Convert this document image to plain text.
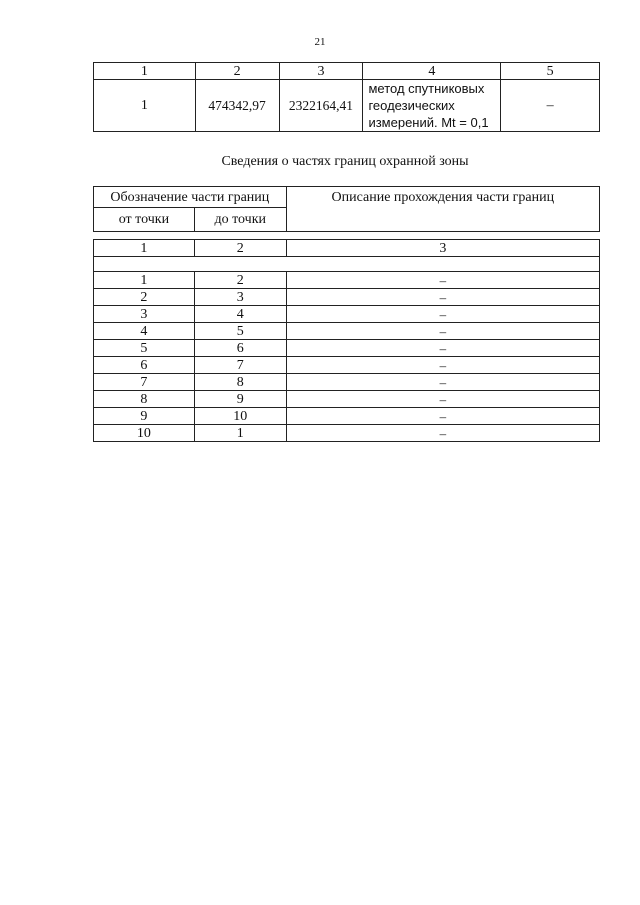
21
1	2	3	4	5
1	474342,97	2322164,41	метод спутниковых геодезических измерений. Mt = 0,1	–
Сведения о частях границ охранной зоны
Обозначение части границ		Описание прохождения части границ
от точки	до точки	

1	2	3

1	2	–
2	3	–
3	4	–
4	5	–
5	6	–
6	7	–
7	8	–
8	9	–
9	10	–
10	1	–
